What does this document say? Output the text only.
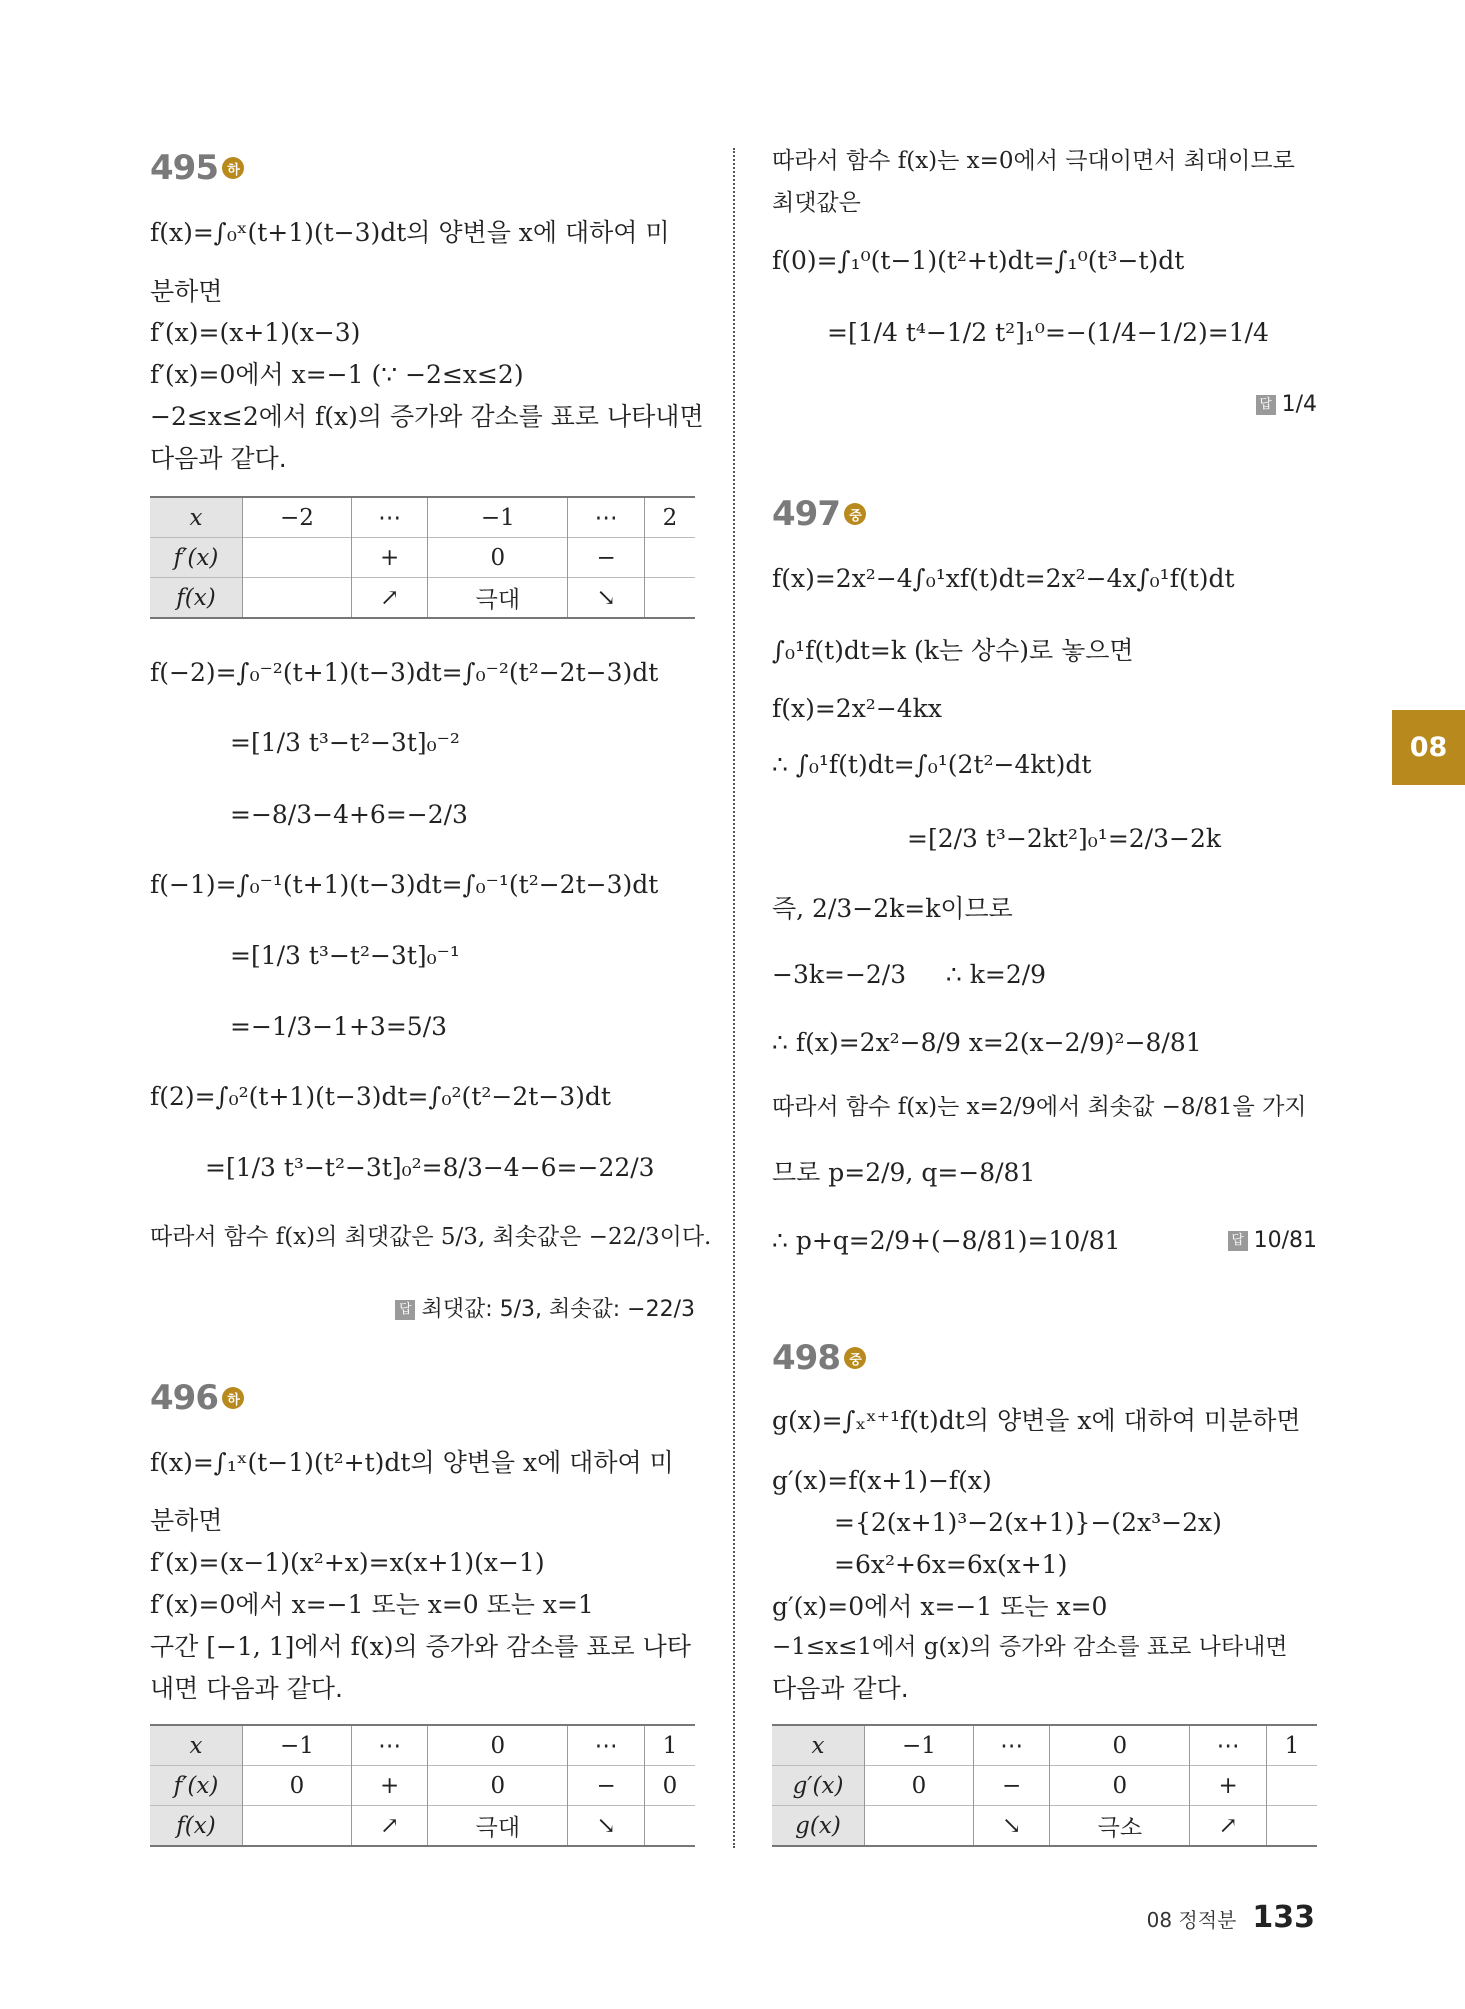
495 하
f(x)=∫₀ˣ(t+1)(t−3)dt의 양변을 x에 대하여 미
분하면
f′(x)=(x+1)(x−3)
f′(x)=0에서 x=−1 (∵ −2≤x≤2)
−2≤x≤2에서 f(x)의 증가와 감소를 표로 나타내면
다음과 같다.
x	−2	⋯	−1	⋯	2
f′(x)		+	0	−	
f(x)		↗	극대	↘	
f(−2)=∫₀⁻²(t+1)(t−3)dt=∫₀⁻²(t²−2t−3)dt
=[1/3 t³−t²−3t]₀⁻²
=−8/3−4+6=−2/3
f(−1)=∫₀⁻¹(t+1)(t−3)dt=∫₀⁻¹(t²−2t−3)dt
=[1/3 t³−t²−3t]₀⁻¹
=−1/3−1+3=5/3
f(2)=∫₀²(t+1)(t−3)dt=∫₀²(t²−2t−3)dt
=[1/3 t³−t²−3t]₀²=8/3−4−6=−22/3
따라서 함수 f(x)의 최댓값은 5/3, 최솟값은 −22/3이다.
답 최댓값: 5/3, 최솟값: −22/3
496 하
f(x)=∫₁ˣ(t−1)(t²+t)dt의 양변을 x에 대하여 미
분하면
f′(x)=(x−1)(x²+x)=x(x+1)(x−1)
f′(x)=0에서 x=−1 또는 x=0 또는 x=1
구간 [−1, 1]에서 f(x)의 증가와 감소를 표로 나타
내면 다음과 같다.
x	−1	⋯	0	⋯	1
f′(x)	0	+	0	−	0
f(x)		↗	극대	↘	
따라서 함수 f(x)는 x=0에서 극대이면서 최대이므로
최댓값은
f(0)=∫₁⁰(t−1)(t²+t)dt=∫₁⁰(t³−t)dt
=[1/4 t⁴−1/2 t²]₁⁰=−(1/4−1/2)=1/4
답 1/4
497 중
f(x)=2x²−4∫₀¹xf(t)dt=2x²−4x∫₀¹f(t)dt
∫₀¹f(t)dt=k (k는 상수)로 놓으면
f(x)=2x²−4kx
∴ ∫₀¹f(t)dt=∫₀¹(2t²−4kt)dt
=[2/3 t³−2kt²]₀¹=2/3−2k
즉, 2/3−2k=k이므로
−3k=−2/3     ∴ k=2/9
∴ f(x)=2x²−8/9 x=2(x−2/9)²−8/81
따라서 함수 f(x)는 x=2/9에서 최솟값 −8/81을 가지
므로 p=2/9, q=−8/81
∴ p+q=2/9+(−8/81)=10/81	답 10/81
498 중
g(x)=∫ₓˣ⁺¹f(t)dt의 양변을 x에 대하여 미분하면
g′(x)=f(x+1)−f(x)
={2(x+1)³−2(x+1)}−(2x³−2x)
=6x²+6x=6x(x+1)
g′(x)=0에서 x=−1 또는 x=0
−1≤x≤1에서 g(x)의 증가와 감소를 표로 나타내면
다음과 같다.
x	−1	⋯	0	⋯	1
g′(x)	0	−	0	+	
g(x)		↘	극소	↗	
08
08 정적분 133
